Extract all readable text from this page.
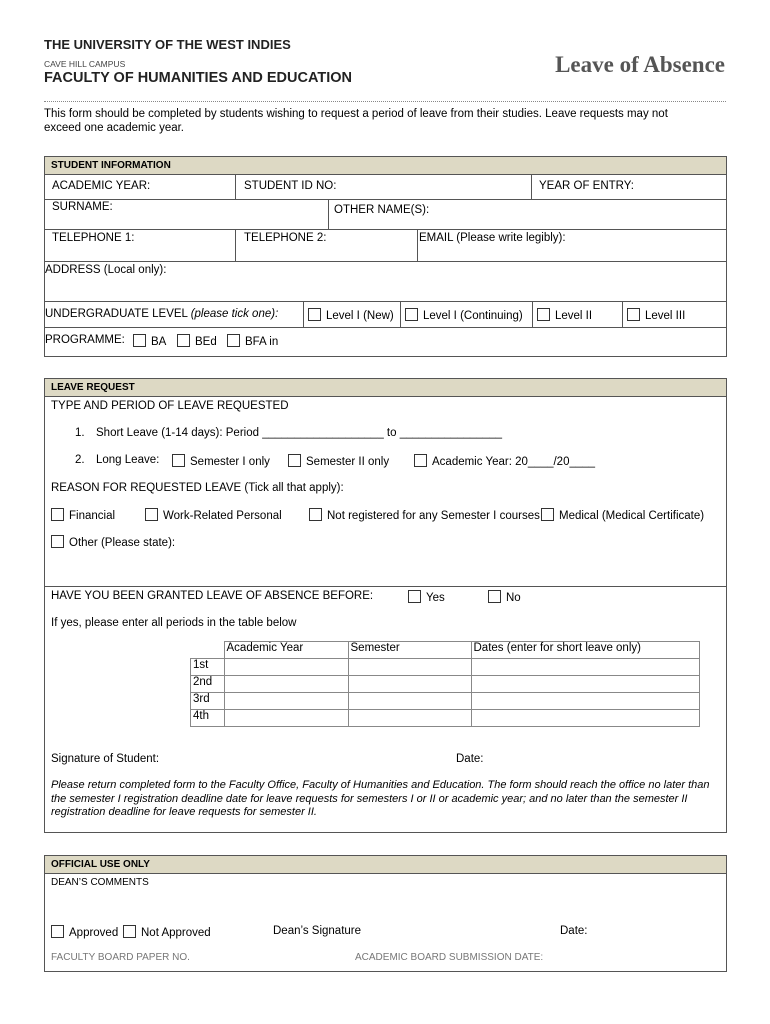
THE UNIVERSITY OF THE WEST INDIES
CAVE HILL CAMPUS
FACULTY OF HUMANITIES AND EDUCATION
Leave of Absence
This form should be completed by students wishing to request a period of leave from their studies. Leave requests may not exceed one academic year.
STUDENT INFORMATION
ACADEMIC YEAR:	STUDENT ID NO:	YEAR OF ENTRY:
SURNAME:	OTHER NAME(S):
TELEPHONE 1:	TELEPHONE 2:	EMAIL (Please write legibly):
ADDRESS (Local only):
UNDERGRADUATE LEVEL (please tick one):	Level I (New)	Level I (Continuing)	Level II	Level III
PROGRAMME:	BA	BEd	BFA in
LEAVE REQUEST
TYPE AND PERIOD OF LEAVE REQUESTED
1. Short Leave (1-14 days): Period ___________________ to ________________
2. Long Leave:	Semester I only	Semester II only	Academic Year: 20____/20____
REASON FOR REQUESTED LEAVE (Tick all that apply):
Financial	Work-Related Personal	Not registered for any Semester I courses	Medical (Medical Certificate)
Other (Please state):
HAVE YOU BEEN GRANTED LEAVE OF ABSENCE BEFORE:	Yes	No
If yes, please enter all periods in the table below
	Academic Year	Semester	Dates (enter for short leave only)
1st			
2nd			
3rd			
4th			
Signature of Student:	Date:
Please return completed form to the Faculty Office, Faculty of Humanities and Education. The form should reach the office no later than the semester I registration deadline date for leave requests for semesters I or II or academic year; and no later than the semester II registration deadline for leave requests for semester II.
OFFICIAL USE ONLY
DEAN’S COMMENTS
Approved	Not Approved	Dean’s Signature	Date:
FACULTY BOARD PAPER NO.	ACADEMIC BOARD SUBMISSION DATE:
